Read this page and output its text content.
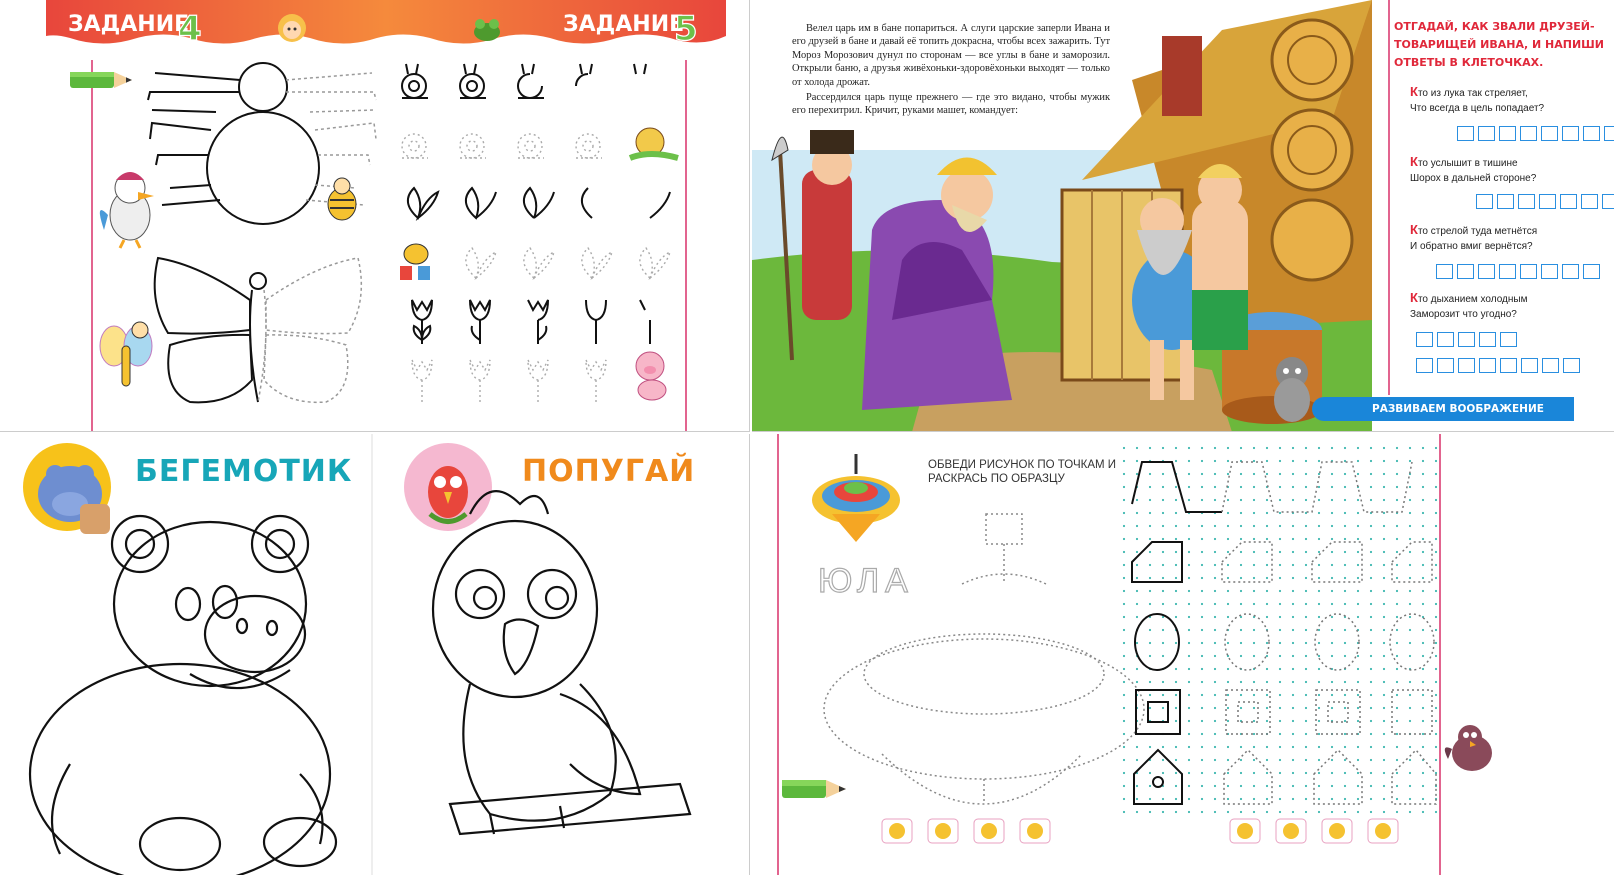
ЗАДАНИЕ
4	ЗАДАНИЕ
5	Велел царь им в бане попариться. А слуги царские заперли Ивана и его друзей в бане и давай её топить докрасна, чтобы всех зажарить. Тут Мороз Морозович дунул по сторонам — все углы в бане и заморозил. Открыли баню, а друзья живёхоньки-здоровёхоньки выходят — только от холода дрожат.

Рассердился царь пуще прежнего — где это видано, чтобы мужик его перехитрил. Кричит, руками машет, командует:

ОТГАДАЙ, КАК ЗВАЛИ ДРУЗЕЙ-ТОВАРИЩЕЙ ИВАНА, И НАПИШИ ОТВЕТЫ В КЛЕТОЧКАХ.
Кто из лука так стреляет,
Что всегда в цель попадает?
Кто услышит в тишине
Шорох в дальней стороне?
Кто стрелой туда метнётся
И обратно вмиг вернётся?
Кто дыханием холодным
Заморозит что угодно?
РАЗВИВАЕМ ВООБРАЖЕНИЕ
БЕГЕМОТИК	ПОПУГАЙ	ОБВЕДИ РИСУНОК ПО ТОЧКАМ И РАСКРАСЬ ПО ОБРАЗЦУ
ЮЛА
